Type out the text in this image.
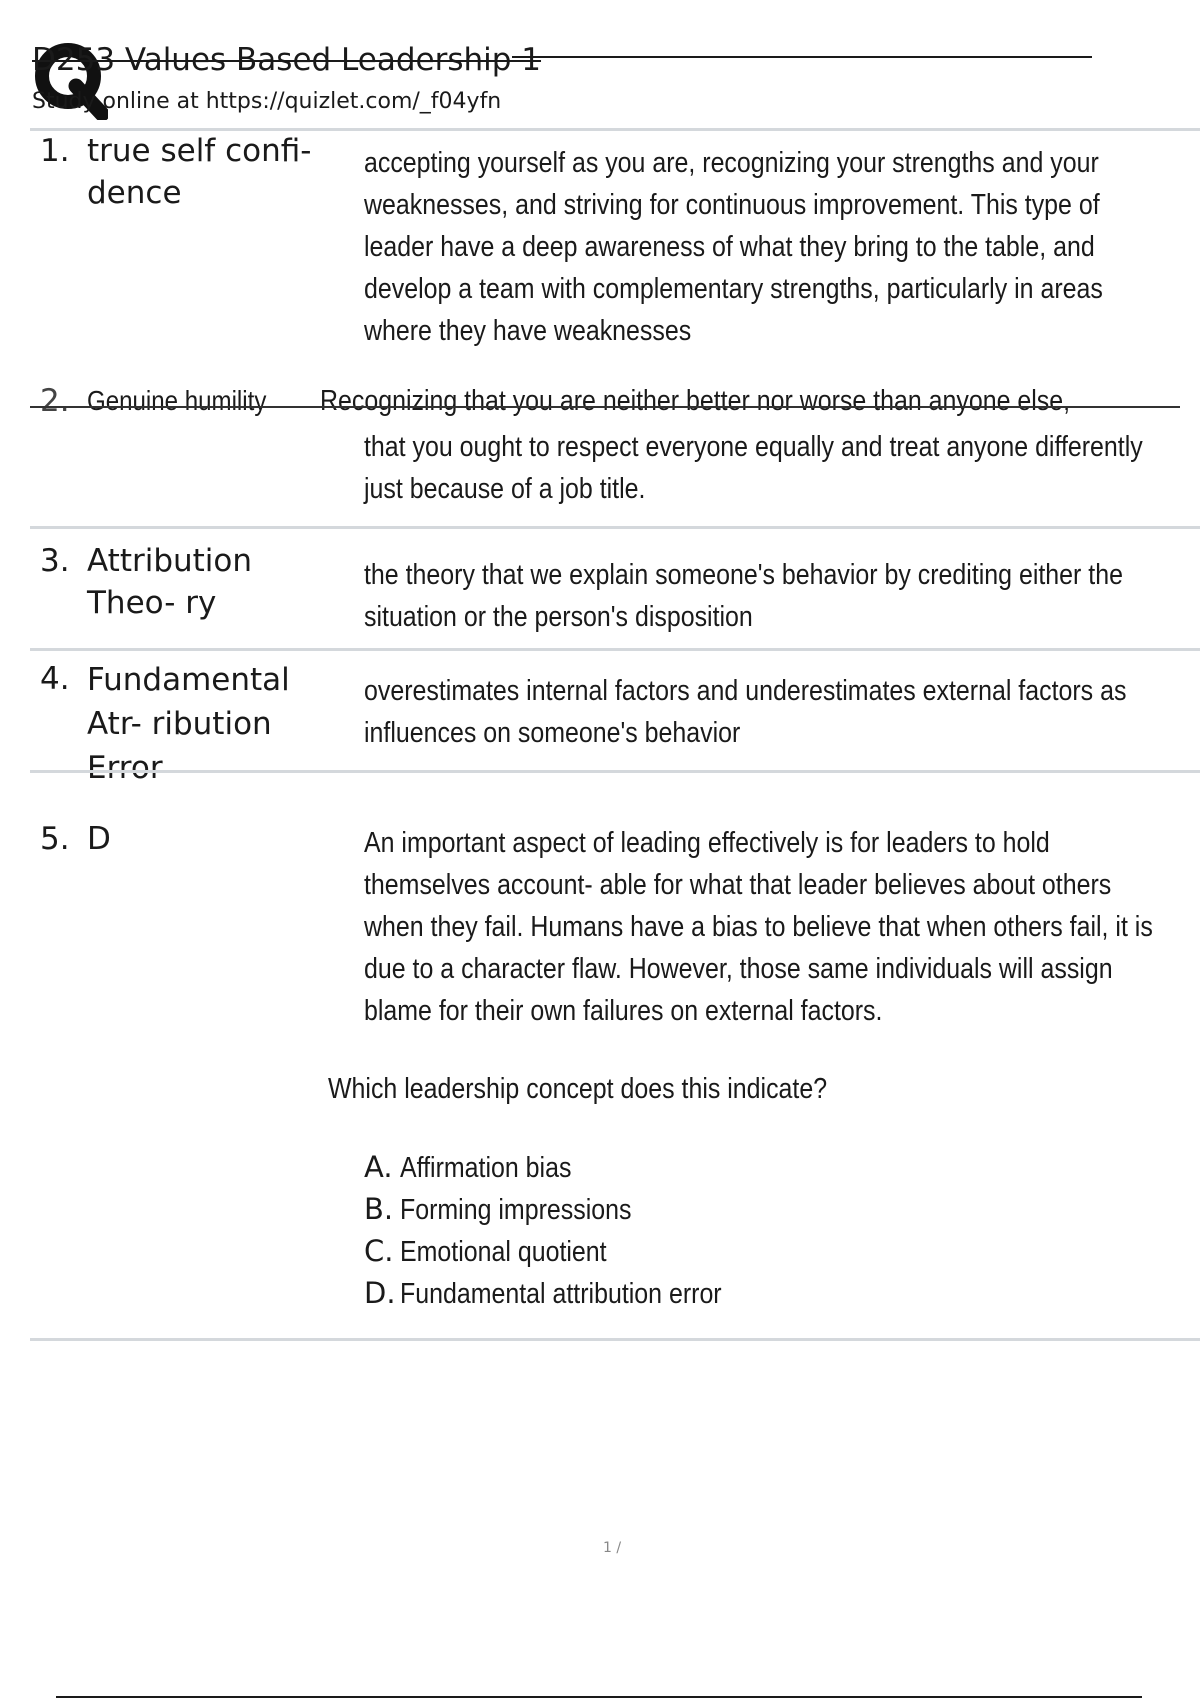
D253 Values Based Leadership 1
Study online at https://quizlet.com/_f04yfn
1. true self confi- dence
accepting yourself as you are, recognizing your strengths and your weaknesses, and striving for continuous improvement. This type of leader have a deep awareness of what they bring to the table, and develop a team with complementary strengths, particularly in areas where they have weaknesses
2. Genuine humility Recognizing that you are neither better nor worse than anyone else,
that you ought to respect everyone equally and treat anyone differently just because of a job title.
3. Attribution Theo- ry
the theory that we explain someone's behavior by crediting either the situation or the person's disposition
4. Fundamental Atr- ribution Error
overestimates internal factors and underestimates external factors as influences on someone's behavior
5. D	An important aspect of leading effectively is for leaders to hold themselves account- able for what that leader believes about others when they fail. Humans have a bias to believe that when others fail, it is due to a character flaw. However, those same individuals will assign blame for their own failures on external factors.
Which leadership concept does this indicate?
A. Affirmation bias
B. Forming impressions
C. Emotional quotient
D. Fundamental attribution error
1 /
